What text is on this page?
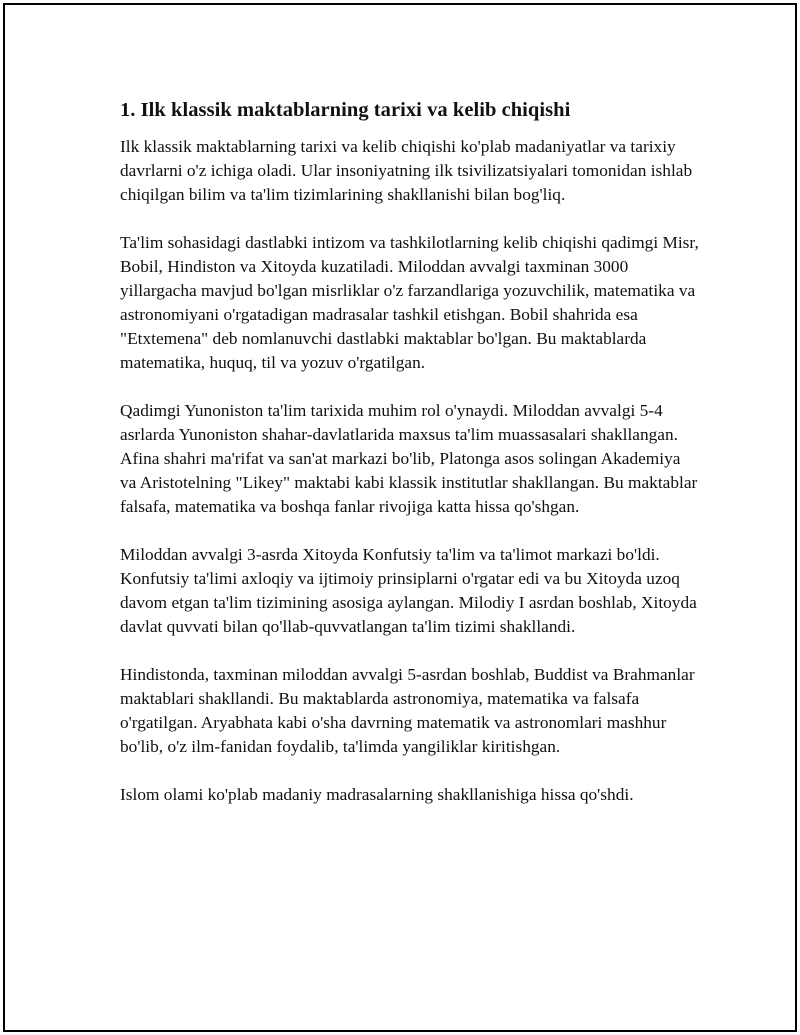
1. Ilk klassik maktablarning tarixi va kelib chiqishi

Ilk klassik maktablarning tarixi va kelib chiqishi ko'plab madaniyatlar va tarixiy davrlarni o'z ichiga oladi. Ular insoniyatning ilk tsivilizatsiyalari tomonidan ishlab chiqilgan bilim va ta'lim tizimlarining shakllanishi bilan bog'liq.

Ta'lim sohasidagi dastlabki intizom va tashkilotlarning kelib chiqishi qadimgi Misr, Bobil, Hindiston va Xitoyda kuzatiladi. Miloddan avvalgi taxminan 3000 yillargacha mavjud bo'lgan misrliklar o'z farzandlariga yozuvchilik, matematika va astronomiyani o'rgatadigan madrasalar tashkil etishgan. Bobil shahrida esa "Etxtemena" deb nomlanuvchi dastlabki maktablar bo'lgan. Bu maktablarda matematika, huquq, til va yozuv o'rgatilgan.

Qadimgi Yunoniston ta'lim tarixida muhim rol o'ynaydi. Miloddan avvalgi 5-4 asrlarda Yunoniston shahar-davlatlarida maxsus ta'lim muassasalari shakllangan. Afina shahri ma'rifat va san'at markazi bo'lib, Platonga asos solingan Akademiya va Aristotelning "Likey" maktabi kabi klassik institutlar shakllangan. Bu maktablar falsafa, matematika va boshqa fanlar rivojiga katta hissa qo'shgan.

Miloddan avvalgi 3-asrda Xitoyda Konfutsiy ta'lim va ta'limot markazi bo'ldi. Konfutsiy ta'limi axloqiy va ijtimoiy prinsiplarni o'rgatar edi va bu Xitoyda uzoq davom etgan ta'lim tizimining asosiga aylangan. Milodiy I asrdan boshlab, Xitoyda davlat quvvati bilan qo'llab-quvvatlangan ta'lim tizimi shakllandi.

Hindistonda, taxminan miloddan avvalgi 5-asrdan boshlab, Buddist va Brahmanlar maktablari shakllandi. Bu maktablarda astronomiya, matematika va falsafa o'rgatilgan. Aryabhata kabi o'sha davrning matematik va astronomlari mashhur bo'lib, o'z ilm-fanidan foydalib, ta'limda yangiliklar kiritishgan.

Islom olami ko'plab madaniy madrasalarning shakllanishiga hissa qo'shdi.
